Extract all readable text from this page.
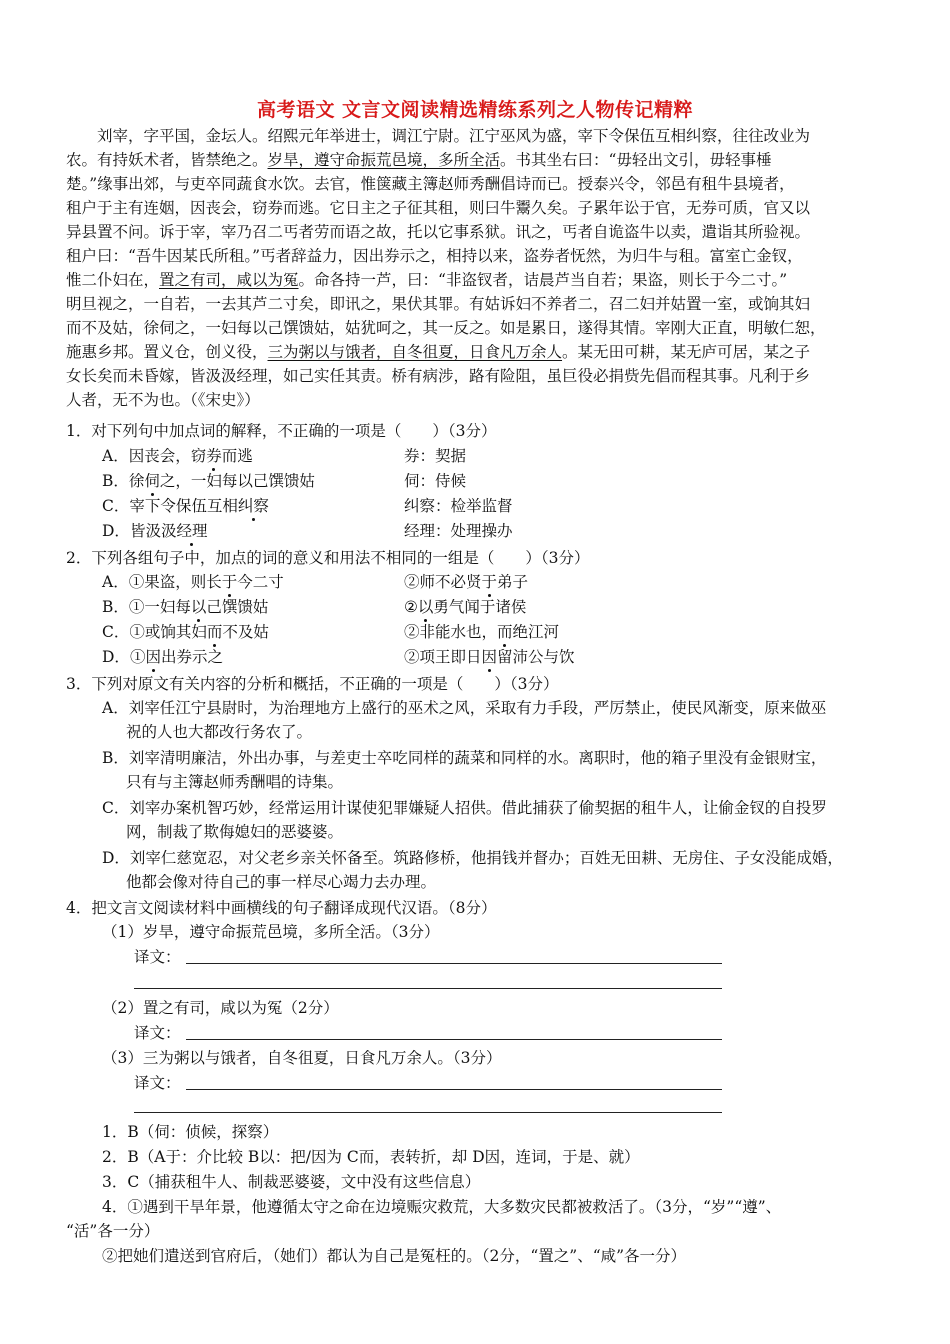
高考语文 文言文阅读精选精练系列之人物传记精粹
　　刘宰，字平国，金坛人。绍熙元年举进士，调江宁尉。江宁巫风为盛，宰下令保伍互相纠察，往往改业为
农。有持妖术者，皆禁绝之。岁旱，遵守命振荒邑境，多所全活。书其坐右曰：“毋轻出文引，毋轻事棰
楚。”缘事出郊，与吏卒同蔬食水饮。去官，惟箧藏主簿赵师秀酬倡诗而已。授泰兴令，邻邑有租牛县境者，
租户于主有连姻，因丧会，窃券而逃。它日主之子征其租，则曰牛鬻久矣。子累年讼于官，无券可质，官又以
异县置不问。诉于宰，宰乃召二丐者劳而语之故，托以它事系狱。讯之，丐者自诡盗牛以卖，遣诣其所验视。
租户曰：“吾牛因某氏所租。”丐者辞益力，因出券示之，相持以来，盗券者怃然，为归牛与租。富室亡金钗，
惟二仆妇在，置之有司，咸以为冤。命各持一芦，曰：“非盗钗者，诘晨芦当自若；果盗，则长于今二寸。”
明旦视之，一自若，一去其芦二寸矣，即讯之，果伏其罪。有姑诉妇不养者二，召二妇并姑置一室，或饷其妇
而不及姑，徐伺之，一妇每以己馔馈姑，姑犹呵之，其一反之。如是累日，遂得其情。宰刚大正直，明敏仁恕，
施惠乡邦。置义仓，创义役，三为粥以与饿者，自冬徂夏，日食凡万余人。某无田可耕，某无庐可居，某之子
女长矣而未昏嫁，皆汲汲经理，如己实任其责。桥有病涉，路有险阻，虽巨役必捐赀先倡而程其事。凡利于乡
人者，无不为也。（《宋史》）
1．对下列句中加点词的解释，不正确的一项是（　　）（3分）
A．因丧会，窃券而逃	券：契据
B．徐伺之，一妇每以己馔馈姑	伺：侍候
C．宰下令保伍互相纠察	纠察：检举监督
D．皆汲汲经理	经理：处理操办
2．下列各组句子中，加点的词的意义和用法不相同的一组是（　　）（3分）
A．①果盗，则长于今二寸	②师不必贤于弟子
B．①一妇每以己馔馈姑	②以勇气闻于诸侯
C．①或饷其妇而不及姑	②非能水也，而绝江河
D．①因出券示之	②项王即日因留沛公与饮
3．下列对原文有关内容的分析和概括，不正确的一项是（　　）（3分）
A．刘宰任江宁县尉时，为治理地方上盛行的巫术之风，采取有力手段，严厉禁止，使民风渐变，原来做巫
祝的人也大都改行务农了。
B．刘宰清明廉洁，外出办事，与差吏士卒吃同样的蔬菜和同样的水。离职时，他的箱子里没有金银财宝，
只有与主簿赵师秀酬唱的诗集。
C．刘宰办案机智巧妙，经常运用计谋使犯罪嫌疑人招供。借此捕获了偷契据的租牛人，让偷金钗的自投罗
网，制裁了欺侮媳妇的恶婆婆。
D．刘宰仁慈宽忍，对父老乡亲关怀备至。筑路修桥，他捐钱并督办；百姓无田耕、无房住、子女没能成婚，
他都会像对待自己的事一样尽心竭力去办理。
4．把文言文阅读材料中画横线的句子翻译成现代汉语。（8分）
（1）岁旱，遵守命振荒邑境，多所全活。（3分）
译文：
（2）置之有司，咸以为冤（2分）
译文：
（3）三为粥以与饿者，自冬徂夏，日食凡万余人。（3分）
译文：
1．B（伺：侦候，探察）
2．B（A于：介比较 B以：把/因为 C而，表转折，却 D因，连词，于是、就）
3．C（捕获租牛人、制裁恶婆婆，文中没有这些信息）
4．①遇到干旱年景，他遵循太守之命在边境赈灾救荒，大多数灾民都被救活了。（3分，“岁”“遵”、
“活”各一分）
②把她们遣送到官府后，（她们）都认为自己是冤枉的。（2分，“置之”、“咸”各一分）
